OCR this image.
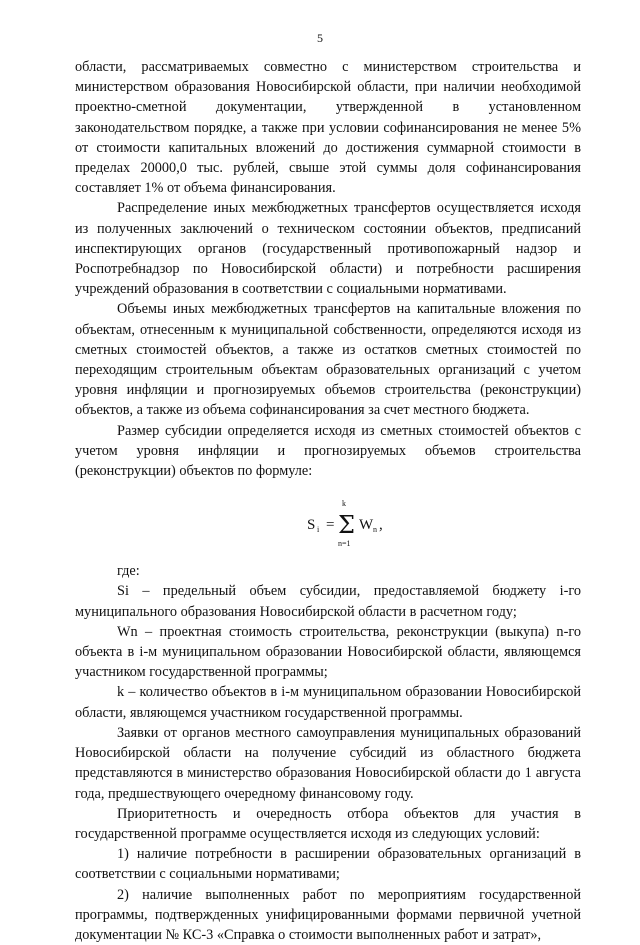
5

области, рассматриваемых совместно с министерством строительства и министерством образования Новосибирской области, при наличии необходимой проектно-сметной документации, утвержденной в установленном законодательством порядке, а также при условии софинансирования не менее 5% от стоимости капитальных вложений до достижения суммарной стоимости в пределах 20000,0 тыс. рублей, свыше этой суммы доля софинансирования составляет 1% от объема финансирования.

Распределение иных межбюджетных трансфертов осуществляется исходя из полученных заключений о техническом состоянии объектов, предписаний инспектирующих органов (государственный противопожарный надзор и Роспотребнадзор по Новосибирской области) и потребности расширения учреждений образования в соответствии с социальными нормативами.

Объемы иных межбюджетных трансфертов на капитальные вложения по объектам, отнесенным к муниципальной собственности, определяются исходя из сметных стоимостей объектов, а также из остатков сметных стоимостей по переходящим строительным объектам образовательных организаций с учетом уровня инфляции и прогнозируемых объемов строительства (реконструкции) объектов, а также из объема софинансирования за счет местного бюджета.

Размер субсидии определяется исходя из сметных стоимостей объектов с учетом уровня инфляции и прогнозируемых объемов строительства (реконструкции) объектов по формуле:

S i =
k
Σ
n=1
W n ,

где:

Si – предельный объем субсидии, предоставляемой бюджету i-го муниципального образования Новосибирской области в расчетном году;

Wn – проектная стоимость строительства, реконструкции (выкупа) n-го объекта в i-м муниципальном образовании Новосибирской области, являющемся участником государственной программы;

k – количество объектов в i-м муниципальном образовании Новосибирской области, являющемся участником государственной программы.

Заявки от органов местного самоуправления муниципальных образований Новосибирской области на получение субсидий из областного бюджета представляются в министерство образования Новосибирской области до 1 августа года, предшествующего очередному финансовому году.

Приоритетность и очередность отбора объектов для участия в государственной программе осуществляется исходя из следующих условий:

1) наличие потребности в расширении образовательных организаций в соответствии с социальными нормативами;

2) наличие выполненных работ по мероприятиям государственной программы, подтвержденных унифицированными формами первичной учетной документации № КС-3 «Справка о стоимости выполненных работ и затрат»,
